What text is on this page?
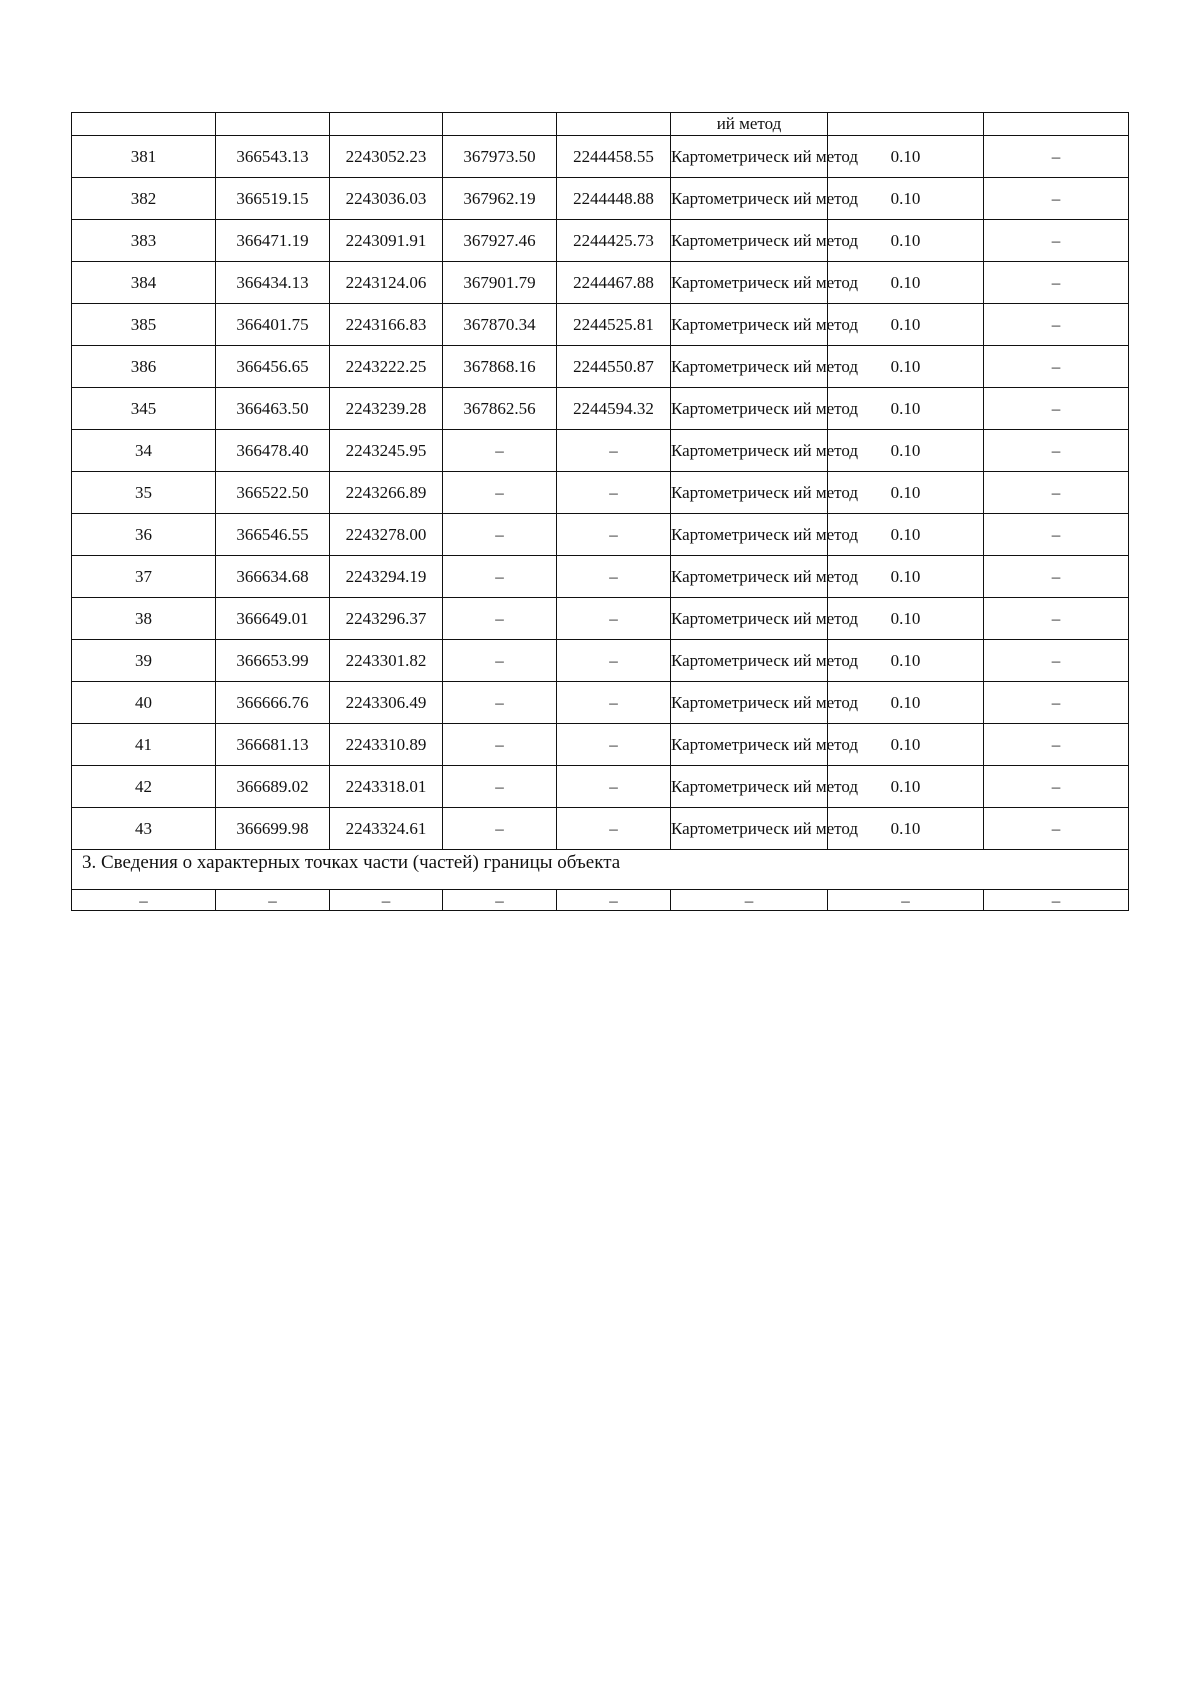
					ий метод		
381	366543.13	2243052.23	367973.50	2244458.55	Картометрическ ий метод	0.10	–
382	366519.15	2243036.03	367962.19	2244448.88	Картометрическ ий метод	0.10	–
383	366471.19	2243091.91	367927.46	2244425.73	Картометрическ ий метод	0.10	–
384	366434.13	2243124.06	367901.79	2244467.88	Картометрическ ий метод	0.10	–
385	366401.75	2243166.83	367870.34	2244525.81	Картометрическ ий метод	0.10	–
386	366456.65	2243222.25	367868.16	2244550.87	Картометрическ ий метод	0.10	–
345	366463.50	2243239.28	367862.56	2244594.32	Картометрическ ий метод	0.10	–
34	366478.40	2243245.95	–	–	Картометрическ ий метод	0.10	–
35	366522.50	2243266.89	–	–	Картометрическ ий метод	0.10	–
36	366546.55	2243278.00	–	–	Картометрическ ий метод	0.10	–
37	366634.68	2243294.19	–	–	Картометрическ ий метод	0.10	–
38	366649.01	2243296.37	–	–	Картометрическ ий метод	0.10	–
39	366653.99	2243301.82	–	–	Картометрическ ий метод	0.10	–
40	366666.76	2243306.49	–	–	Картометрическ ий метод	0.10	–
41	366681.13	2243310.89	–	–	Картометрическ ий метод	0.10	–
42	366689.02	2243318.01	–	–	Картометрическ ий метод	0.10	–
43	366699.98	2243324.61	–	–	Картометрическ ий метод	0.10	–
3. Сведения о характерных точках части (частей) границы объекта							
–	–	–	–	–	–	–	–
